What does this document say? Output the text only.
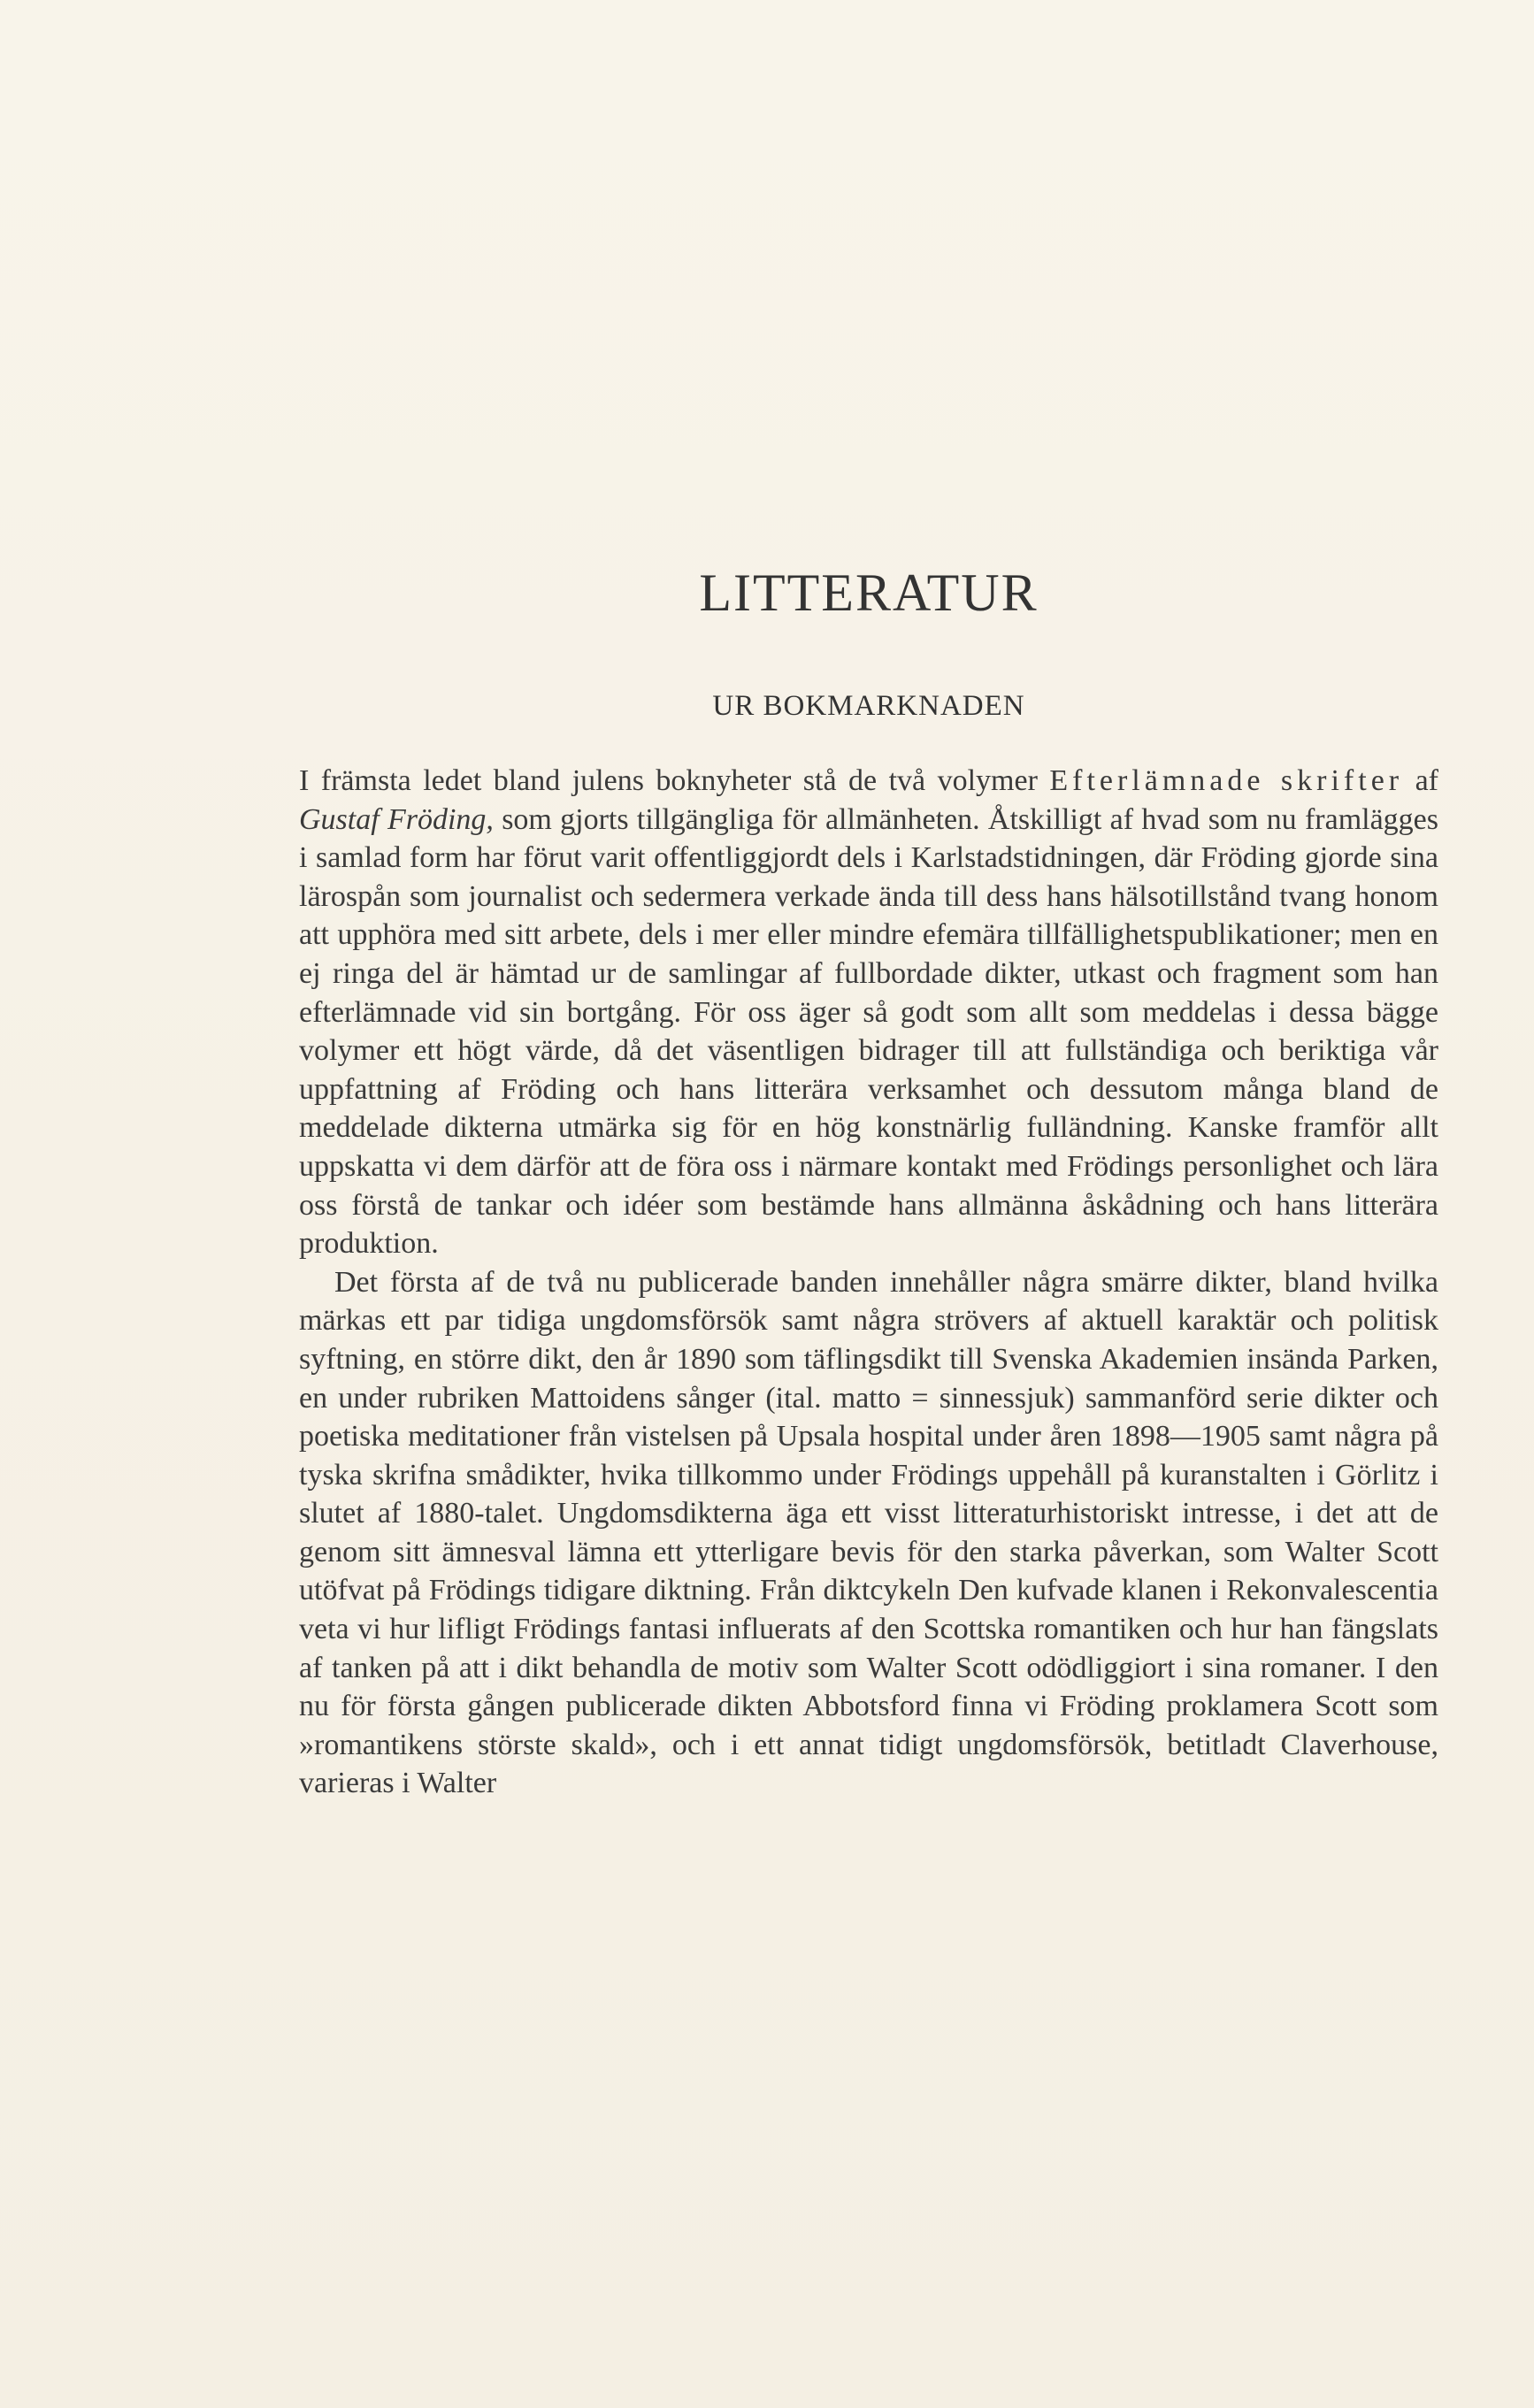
LITTERATUR
UR BOKMARKNADEN

I främsta ledet bland julens boknyheter stå de två volymer Efterlämnade skrifter af Gustaf Fröding, som gjorts tillgängliga för allmänheten. Åtskilligt af hvad som nu framlägges i samlad form har förut varit offentliggjordt dels i Karlstadstidningen, där Fröding gjorde sina lärospån som journalist och sedermera verkade ända till dess hans hälsotillstånd tvang honom att upphöra med sitt arbete, dels i mer eller mindre efemära tillfällighetspublikationer; men en ej ringa del är hämtad ur de samlingar af fullbordade dikter, utkast och fragment som han efterlämnade vid sin bortgång. För oss äger så godt som allt som meddelas i dessa bägge volymer ett högt värde, då det väsentligen bidrager till att fullständiga och beriktiga vår uppfattning af Fröding och hans litterära verksamhet och dessutom många bland de meddelade dikterna utmärka sig för en hög konstnärlig fulländning. Kanske framför allt uppskatta vi dem därför att de föra oss i närmare kontakt med Frödings personlighet och lära oss förstå de tankar och idéer som bestämde hans allmänna åskådning och hans litterära produktion.

Det första af de två nu publicerade banden innehåller några smärre dikter, bland hvilka märkas ett par tidiga ungdomsförsök samt några strövers af aktuell karaktär och politisk syftning, en större dikt, den år 1890 som täflingsdikt till Svenska Akademien insända Parken, en under rubriken Mattoidens sånger (ital. matto = sinnessjuk) sammanförd serie dikter och poetiska meditationer från vistelsen på Upsala hospital under åren 1898—1905 samt några på tyska skrifna smådikter, hvika tillkommo under Frödings uppehåll på kuranstalten i Görlitz i slutet af 1880-talet. Ungdomsdikterna äga ett visst litteraturhistoriskt intresse, i det att de genom sitt ämnesval lämna ett ytterligare bevis för den starka påverkan, som Walter Scott utöfvat på Frödings tidigare diktning. Från diktcykeln Den kufvade klanen i Rekonvalescentia veta vi hur lifligt Frödings fantasi influerats af den Scottska romantiken och hur han fängslats af tanken på att i dikt behandla de motiv som Walter Scott odödliggiort i sina romaner. I den nu för första gången publicerade dikten Abbotsford finna vi Fröding proklamera Scott som »romantikens störste skald», och i ett annat tidigt ungdomsförsök, betitladt Claverhouse, varieras i Walter
